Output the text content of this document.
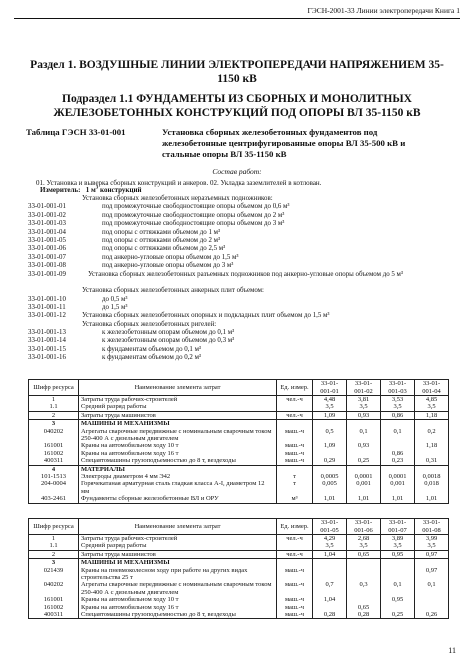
ГЭСН-2001-33 Линии электропередачи Книга 1
Раздел 1. ВОЗДУШНЫЕ ЛИНИИ ЭЛЕКТРОПЕРЕДАЧИ НАПРЯЖЕНИЕМ 35-1150 кВ
Подраздел 1.1 ФУНДАМЕНТЫ ИЗ СБОРНЫХ И МОНОЛИТНЫХ ЖЕЛЕЗОБЕТОННЫХ КОНСТРУКЦИЙ ПОД ОПОРЫ ВЛ 35-1150 кВ
Таблица ГЭСН 33-01-001	Установка сборных железобетонных фундаментов под железобетонные центрифугированные опоры ВЛ 35-500 кВ и стальные опоры ВЛ 35-1150 кВ
Состав работ:
01. Установка и выверка сборных конструкций и анкеров. 02. Укладка заземлителей в котлован.
Измеритель: 1 $м^3$ конструкций
Установка сборных железобетонных неразъемных подножников:
33-01-001-01	под промежуточные свободностоящие опоры объемом до 0,6 м³
33-01-001-02	под промежуточные свободностоящие опоры объемом до 2 м³
33-01-001-03	под промежуточные свободностоящие опоры объемом до 3 м³
33-01-001-04	под опоры с оттяжками объемом до 1 м³
33-01-001-05	под опоры с оттяжками объемом до 2 м³
33-01-001-06	под опоры с оттяжками объемом до 2,5 м³
33-01-001-07	под анкерно-угловые опоры объемом до 1,5 м³
33-01-001-08	под анкерно-угловые опоры объемом до 3 м³
33-01-001-09	Установка сборных железобетонных разъемных подножников под анкерно-угловые опоры объемом до 5 м³
Установка сборных железобетонных анкерных плит объемом:
33-01-001-10	до 0,5 м³
33-01-001-11	до 1,5 м³
33-01-001-12	Установка сборных железобетонных опорных и подкладных плит объемом до 1,5 м³
Установка сборных железобетонных ригелей:
33-01-001-13	к железобетонным опорам объемом до 0,1 м³
33-01-001-14	к железобетонным опорам объемом до 0,3 м³
33-01-001-15	к фундаментам объемом до 0,1 м³
33-01-001-16	к фундаментам объемом до 0,2 м³
Шифр ресурса	Наименование элемента затрат	Ед. измер.	33-01-001-01	33-01-001-02	33-01-001-03	33-01-001-04
1	Затраты труда рабочих-строителей	чел.-ч	4,48	3,81	3,53	4,85
1.1	Средний разряд работы		3,5	3,5	3,5	3,5
2	Затраты труда машинистов	чел.-ч	1,09	0,93	0,86	1,18
3	МАШИНЫ И МЕХАНИЗМЫ					
040202	Агрегаты сварочные передвижные с номинальным сварочным током 250-400 А с дизельным двигателем	маш.-ч	0,5	0,1	0,1	0,2
161001	Краны на автомобильном ходу 10 т	маш.-ч	1,09	0,93		1,18
161002	Краны на автомобильном ходу 16 т	маш.-ч			0,86	
400311	Спецавтомашины грузоподъемностью до 8 т, вездеходы	маш.-ч	0,29	0,25	0,23	0,31
4	МАТЕРИАЛЫ					
101-1513	Электроды диаметром 4 мм Э42	т	0,0005	0,0001	0,0001	0,0018
204-0004	Горячекатаная арматурная сталь гладкая класса А-I, диаметром 12 мм	т	0,005	0,001	0,001	0,018
403-2461	Фундаменты сборные железобетонные ВЛ и ОРУ	м³	1,01	1,01	1,01	1,01
Шифр ресурса	Наименование элемента затрат	Ед. измер.	33-01-001-05	33-01-001-06	33-01-001-07	33-01-001-08
1	Затраты труда рабочих-строителей	чел.-ч	4,29	2,68	3,89	3,99
1.1	Средний разряд работы		3,5	3,5	3,5	3,5
2	Затраты труда машинистов	чел.-ч	1,04	0,65	0,95	0,97
3	МАШИНЫ И МЕХАНИЗМЫ					
021439	Краны на пневмоколесном ходу при работе на других видах строительства 25 т	маш.-ч				0,97
040202	Агрегаты сварочные передвижные с номинальным сварочным током 250-400 А с дизельным двигателем	маш.-ч	0,7	0,3	0,1	0,1
161001	Краны на автомобильном ходу 10 т	маш.-ч	1,04		0,95	
161002	Краны на автомобильном ходу 16 т	маш.-ч		0,65		
400311	Спецавтомашины грузоподъемностью до 8 т, вездеходы	маш.-ч	0,28	0,28	0,25	0,26
11
